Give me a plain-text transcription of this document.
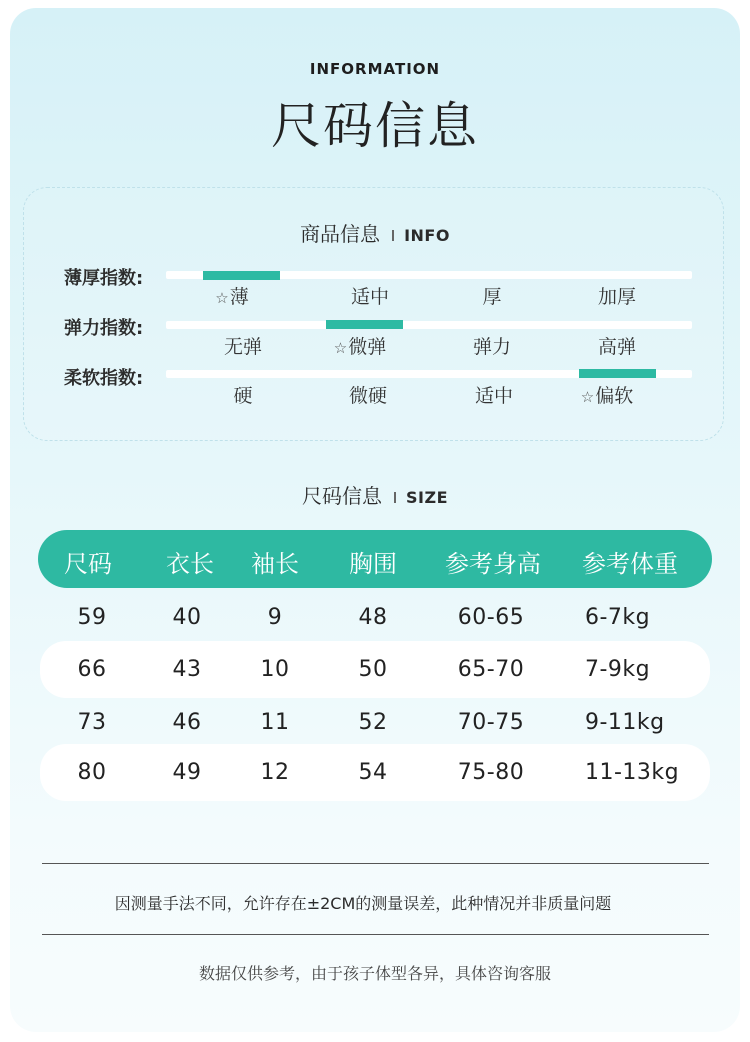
INFORMATION
尺码信息
商品信息 INFO
薄厚指数:
☆薄	适中	厚	加厚
弹力指数:
无弹	☆微弹	弹力	高弹
柔软指数:
硬	微硬	适中	☆偏软
尺码信息 SIZE
尺码	衣长	袖长	胸围	参考身高	参考体重
59	40	9	48	60-65	6-7kg
66	43	10	50	65-70	7-9kg
73	46	11	52	70-75	9-11kg
80	49	12	54	75-80	11-13kg
因测量手法不同，允许存在±2CM的测量误差，此种情况并非质量问题
数据仅供参考，由于孩子体型各异，具体咨询客服
